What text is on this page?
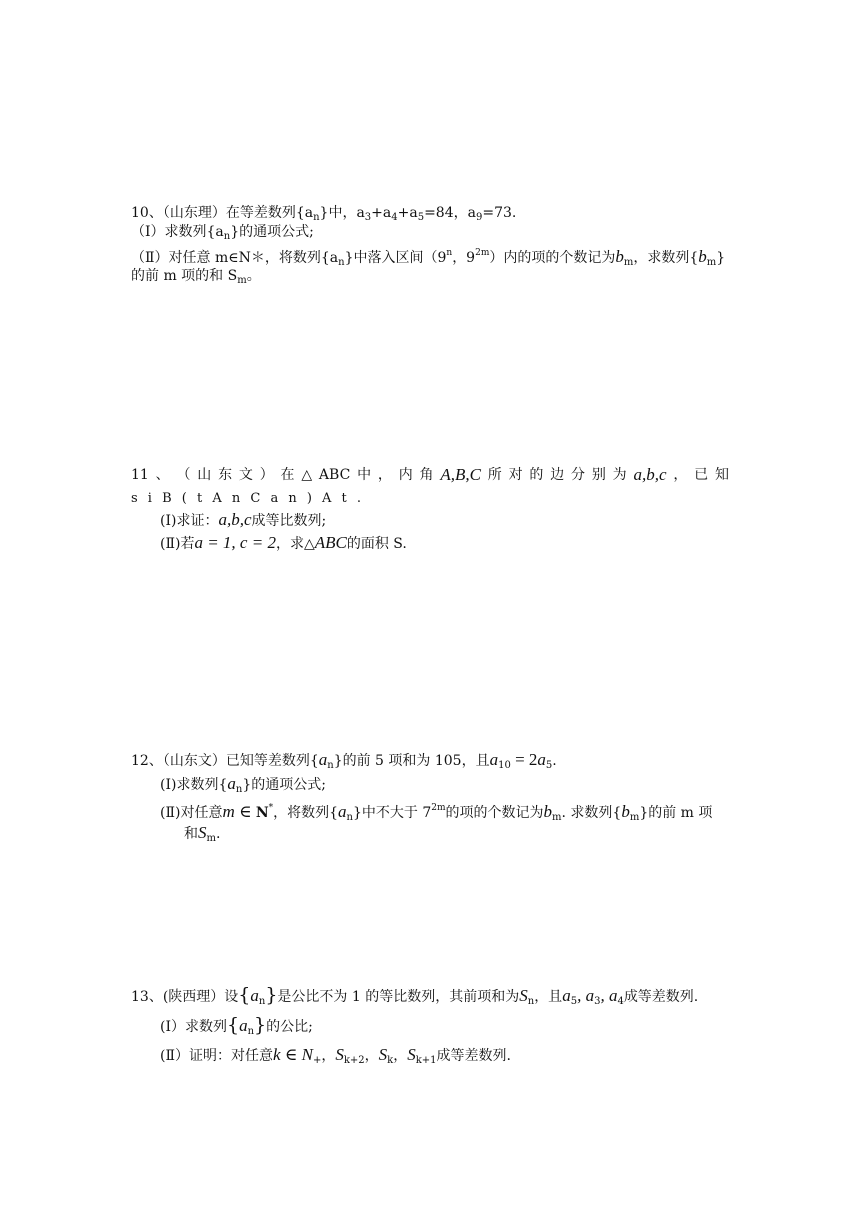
10、（山东理）在等差数列$\{a_n\}$中，$a_3+a_4+a_5=84$，$a_9=73$.
（Ⅰ）求数列$\{a_n\}$的通项公式;
（Ⅱ）对任意 m∈N＊，将数列$\{a_n\}$中落入区间（9$^n$，$9^{2m}$）内的项的个数记为$b_m$，求数列$\{b_m\}$
的前 m 项的和 $S_m$。
11 、 （ 山 东 文 ） 在 △ ABC 中 ， 内 角 A,B,C 所 对 的 边 分 别 为 a,b,c ， 已 知
s i B ( t A n C a n ) A t .
(Ⅰ)求证：a,b,c成等比数列;
(Ⅱ)若a = 1, c = 2，求△ABC的面积 S.
12、（山东文）已知等差数列$\{a_n\}$的前 5 项和为 105，且$a_{10} = 2a_5$.
(Ⅰ)求数列$\{a_n\}$的通项公式;
(Ⅱ)对任意m ∈ N*，将数列$\{a_n\}$中不大于 $7^{2m}$的项的个数记为$b_m$. 求数列$\{b_m\}$的前 m 项
和$S_m$.
13、(陕西理）设$\{a_n\}$是公比不为 1 的等比数列，其前项和为$S_n$，且$a_5$, $a_3$, $a_4$成等差数列.
(Ⅰ）求数列$\{a_n\}$的公比;
(Ⅱ）证明：对任意k ∈ $N_+$，$S_{k+2}$，$S_k$，$S_{k+1}$成等差数列.
